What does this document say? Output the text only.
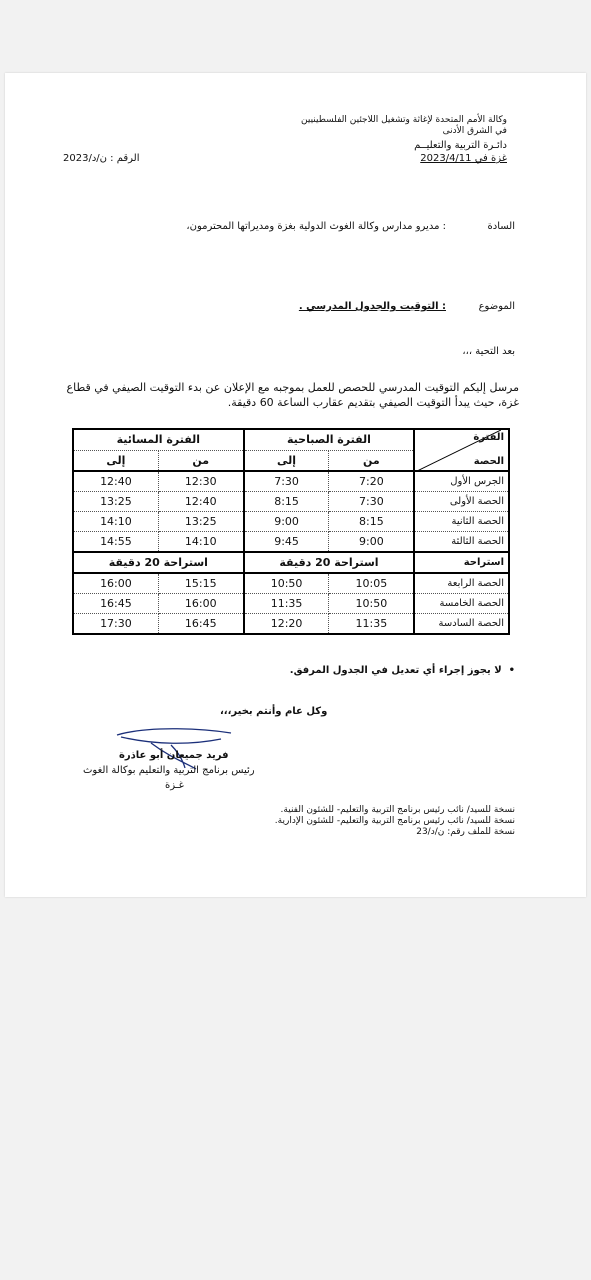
وكالة الأمم المتحدة لإغاثة وتشغيل اللاجئين الفلسطينيين
في الشرق الأدنى
دائـرة التربية والتعليــم
غزة في 2023/4/11
الرقم : ن/د/2023
السادة
: مديرو مدارس وكالة الغوث الدولية بغزة ومديراتها المحترمون،
الموضوع
: التوقيت والجدول المدرسي .
بعد التحية ،،،
مرسل إليكم التوقيت المدرسي للحصص للعمل بموجبه مع الإعلان عن بدء التوقيت الصيفي في قطاع
غزة، حيث يبدأ التوقيت الصيفي بتقديم عقارب الساعة 60 دقيقة.
الفترة المسائية		الفترة الصباحية		الفترة
الحصة

إلى	من	إلى	من	
12:40	12:30	7:30	7:20	الجرس الأول
13:25	12:40	8:15	7:30	الحصة الأولى
14:10	13:25	9:00	8:15	الحصة الثانية
14:55	14:10	9:45	9:00	الحصة الثالثة
استراحة 20 دقيقة		استراحة 20 دقيقة		استراحة
16:00	15:15	10:50	10:05	الحصة الرابعة
16:45	16:00	11:35	10:50	الحصة الخامسة
17:30	16:45	12:20	11:35	الحصة السادسة
•  لا يجوز إجراء أي تعديل في الجدول المرفق.
وكل عام وأنتم بخير،،،
فريد جميعان أبو عاذرة
رئيس برنامج التربية والتعليم بوكالة الغوث
غـزة
نسخة للسيد/ نائب رئيس برنامج التربية والتعليم- للشئون الفنية.
نسخة للسيد/ نائب رئيس برنامج التربية والتعليم- للشئون الإدارية.
نسخة للملف رقم: ن/د/23
